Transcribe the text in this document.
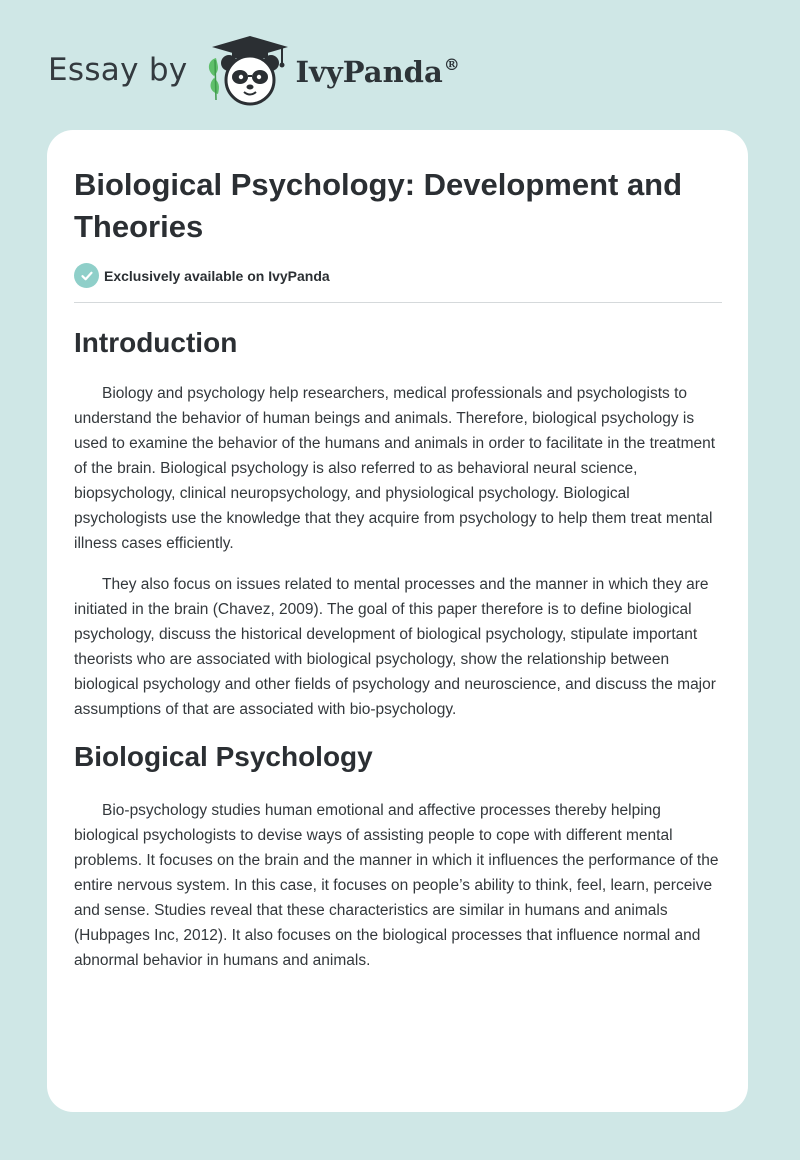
Essay by	IvyPanda®
Biological Psychology: Development and Theories
Exclusively available on IvyPanda
Introduction

Biology and psychology help researchers, medical professionals and psychologists to understand the behavior of human beings and animals. Therefore, biological psychology is used to examine the behavior of the humans and animals in order to facilitate in the treatment of the brain. Biological psychology is also referred to as behavioral neural science, biopsychology, clinical neuropsychology, and physiological psychology. Biological psychologists use the knowledge that they acquire from psychology to help them treat mental illness cases efficiently.

They also focus on issues related to mental processes and the manner in which they are initiated in the brain (Chavez, 2009). The goal of this paper therefore is to define biological psychology, discuss the historical development of biological psychology, stipulate important theorists who are associated with biological psychology, show the relationship between biological psychology and other fields of psychology and neuroscience, and discuss the major assumptions of that are associated with bio-psychology.

Biological Psychology

Bio-psychology studies human emotional and affective processes thereby helping biological psychologists to devise ways of assisting people to cope with different mental problems. It focuses on the brain and the manner in which it influences the performance of the entire nervous system. In this case, it focuses on people’s ability to think, feel, learn, perceive and sense. Studies reveal that these characteristics are similar in humans and animals (Hubpages Inc, 2012). It also focuses on the biological processes that influence normal and abnormal behavior in humans and animals.
